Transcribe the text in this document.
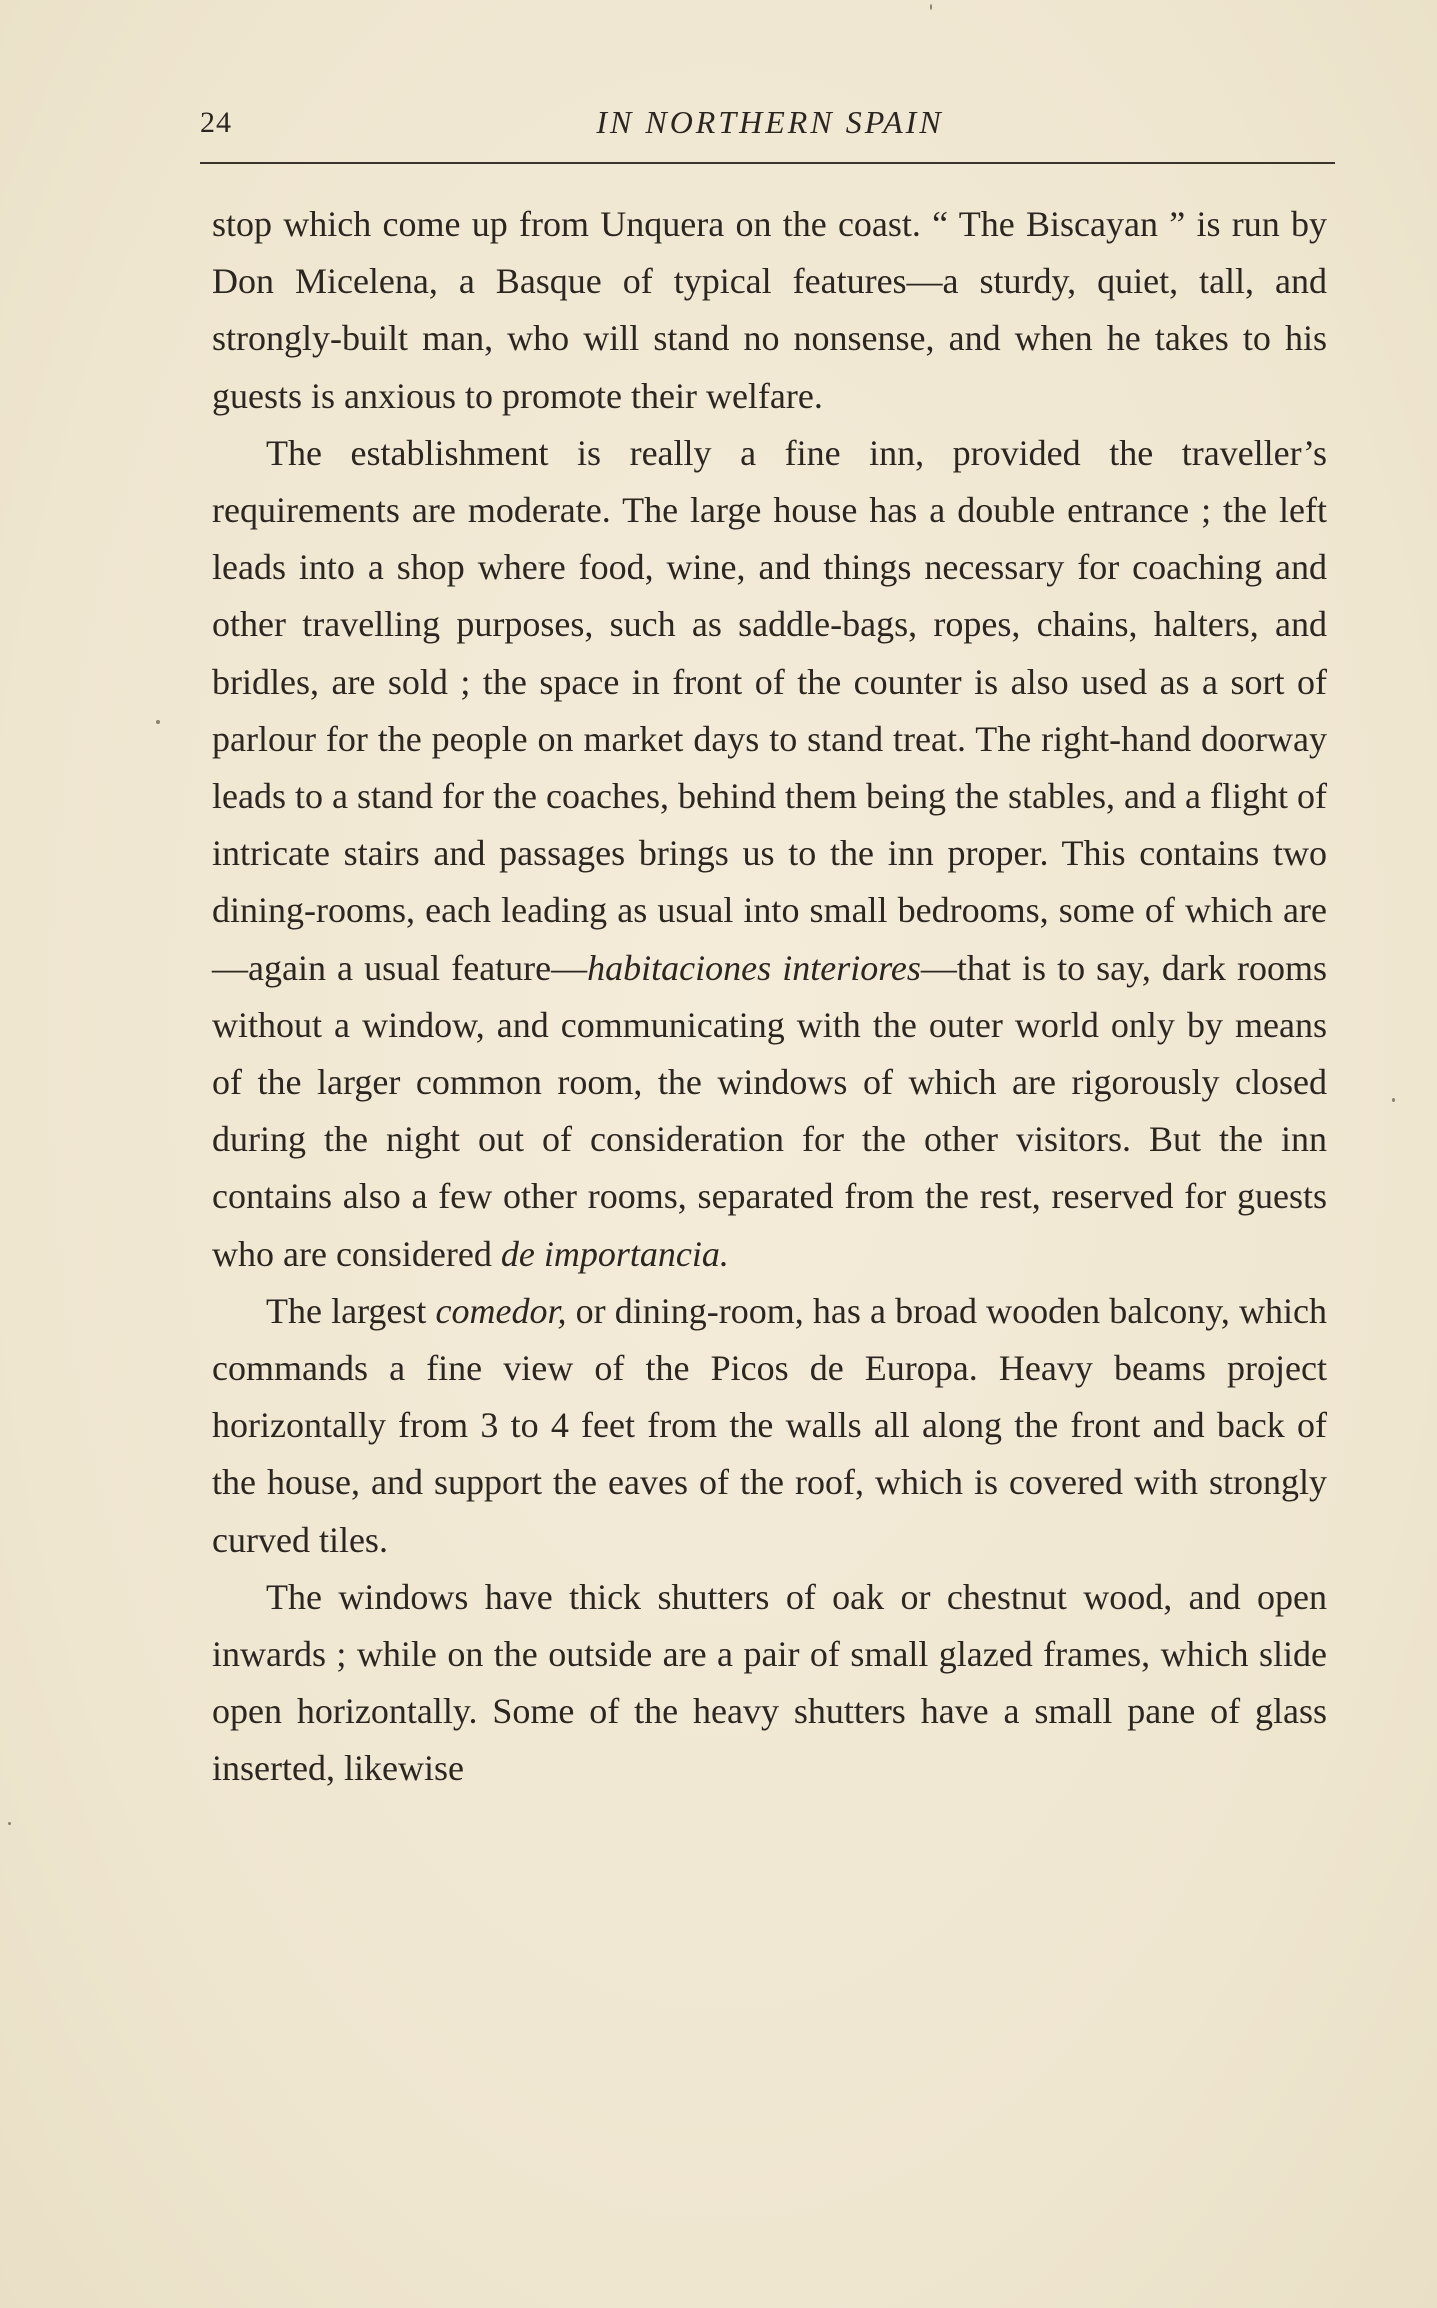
24	IN NORTHERN SPAIN

stop which come up from Unquera on the coast. “ The Biscayan ” is run by Don Micelena, a Basque of typical features—a sturdy, quiet, tall, and strongly-built man, who will stand no nonsense, and when he takes to his guests is anxious to promote their welfare.

The establishment is really a fine inn, provided the traveller’s requirements are moderate. The large house has a double entrance ; the left leads into a shop where food, wine, and things necessary for coaching and other travelling purposes, such as saddle-bags, ropes, chains, halters, and bridles, are sold ; the space in front of the counter is also used as a sort of parlour for the people on market days to stand treat. The right-hand doorway leads to a stand for the coaches, behind them being the stables, and a flight of intricate stairs and passages brings us to the inn proper. This contains two dining-rooms, each leading as usual into small bedrooms, some of which are—again a usual feature—habitaciones interiores—that is to say, dark rooms without a window, and communicating with the outer world only by means of the larger common room, the windows of which are rigorously closed during the night out of consideration for the other visitors. But the inn contains also a few other rooms, separated from the rest, reserved for guests who are considered de importancia.

The largest comedor, or dining-room, has a broad wooden balcony, which commands a fine view of the Picos de Europa. Heavy beams project horizontally from 3 to 4 feet from the walls all along the front and back of the house, and support the eaves of the roof, which is covered with strongly curved tiles.

The windows have thick shutters of oak or chestnut wood, and open inwards ; while on the outside are a pair of small glazed frames, which slide open horizontally. Some of the heavy shutters have a small pane of glass inserted, likewise
